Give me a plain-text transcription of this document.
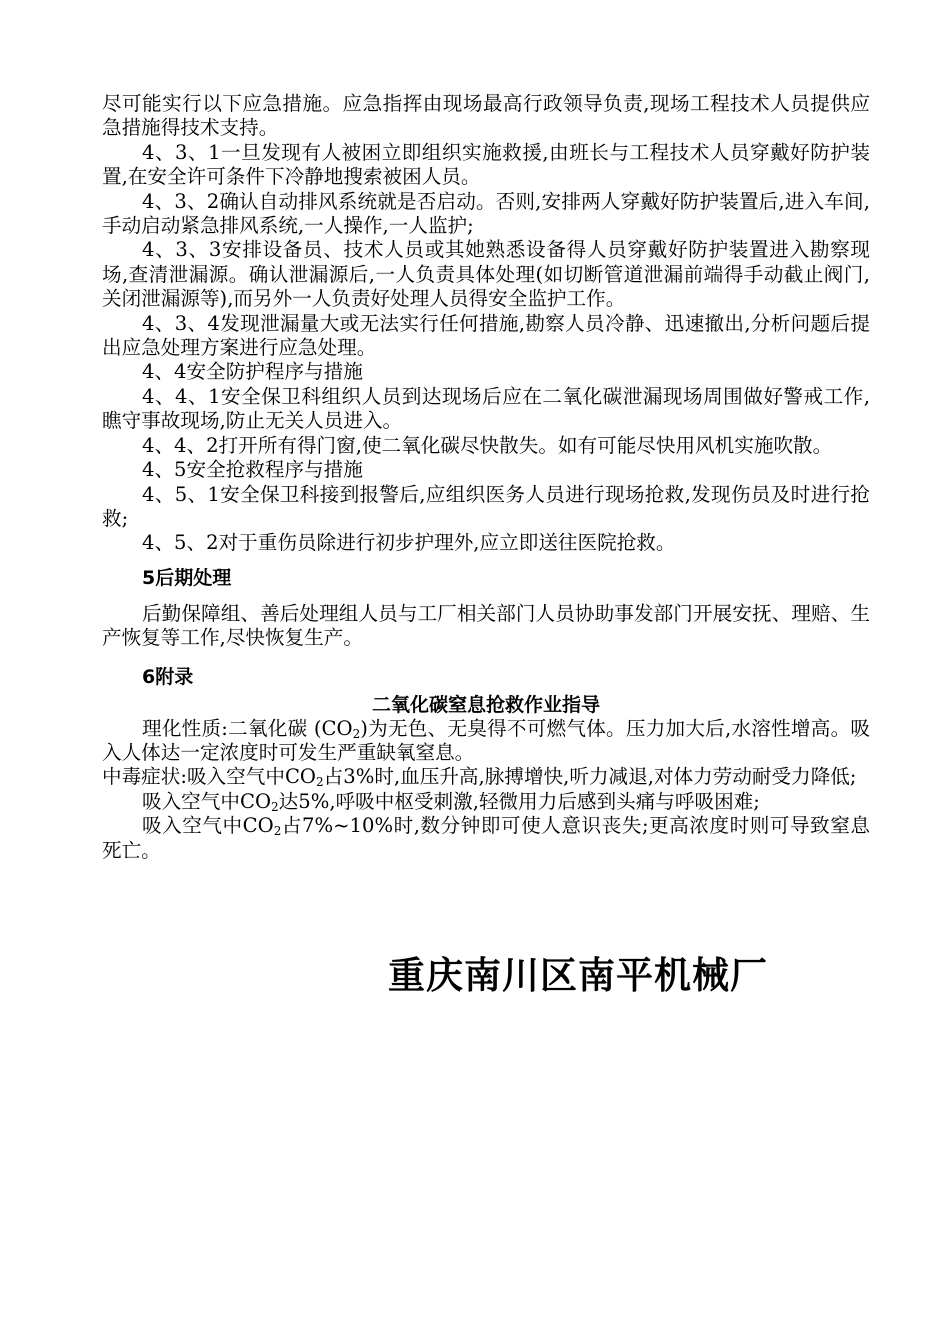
尽可能实行以下应急措施。应急指挥由现场最高行政领导负责,现场工程技术人员提供应急措施得技术支持。

4、3、1一旦发现有人被困立即组织实施救援,由班长与工程技术人员穿戴好防护装置,在安全许可条件下冷静地搜索被困人员。

4、3、2确认自动排风系统就是否启动。否则,安排两人穿戴好防护装置后,进入车间,手动启动紧急排风系统,一人操作,一人监护;

4、3、3安排设备员、技术人员或其她熟悉设备得人员穿戴好防护装置进入勘察现场,查清泄漏源。确认泄漏源后,一人负责具体处理(如切断管道泄漏前端得手动截止阀门,关闭泄漏源等),而另外一人负责好处理人员得安全监护工作。

4、3、4发现泄漏量大或无法实行任何措施,勘察人员冷静、迅速撤出,分析问题后提出应急处理方案进行应急处理。

4、4安全防护程序与措施

4、4、1安全保卫科组织人员到达现场后应在二氧化碳泄漏现场周围做好警戒工作,瞧守事故现场,防止无关人员进入。

4、4、2打开所有得门窗,使二氧化碳尽快散失。如有可能尽快用风机实施吹散。

4、5安全抢救程序与措施

4、5、1安全保卫科接到报警后,应组织医务人员进行现场抢救,发现伤员及时进行抢救;

4、5、2对于重伤员除进行初步护理外,应立即送往医院抢救。

5后期处理

后勤保障组、善后处理组人员与工厂相关部门人员协助事发部门开展安抚、理赔、生产恢复等工作,尽快恢复生产。

6附录
二氧化碳窒息抢救作业指导

理化性质:二氧化碳 $(CO_2)$为无色、无臭得不可燃气体。压力加大后,水溶性增高。吸入人体达一定浓度时可发生严重缺氧窒息。

中毒症状:吸入空气中$CO_2$占3%时,血压升高,脉搏增快,听力减退,对体力劳动耐受力降低;

吸入空气中$CO_2$达5%,呼吸中枢受刺激,轻微用力后感到头痛与呼吸困难;

吸入空气中$CO_2$占7%~10%时,数分钟即可使人意识丧失;更高浓度时则可导致窒息死亡。

重庆南川区南平机械厂
